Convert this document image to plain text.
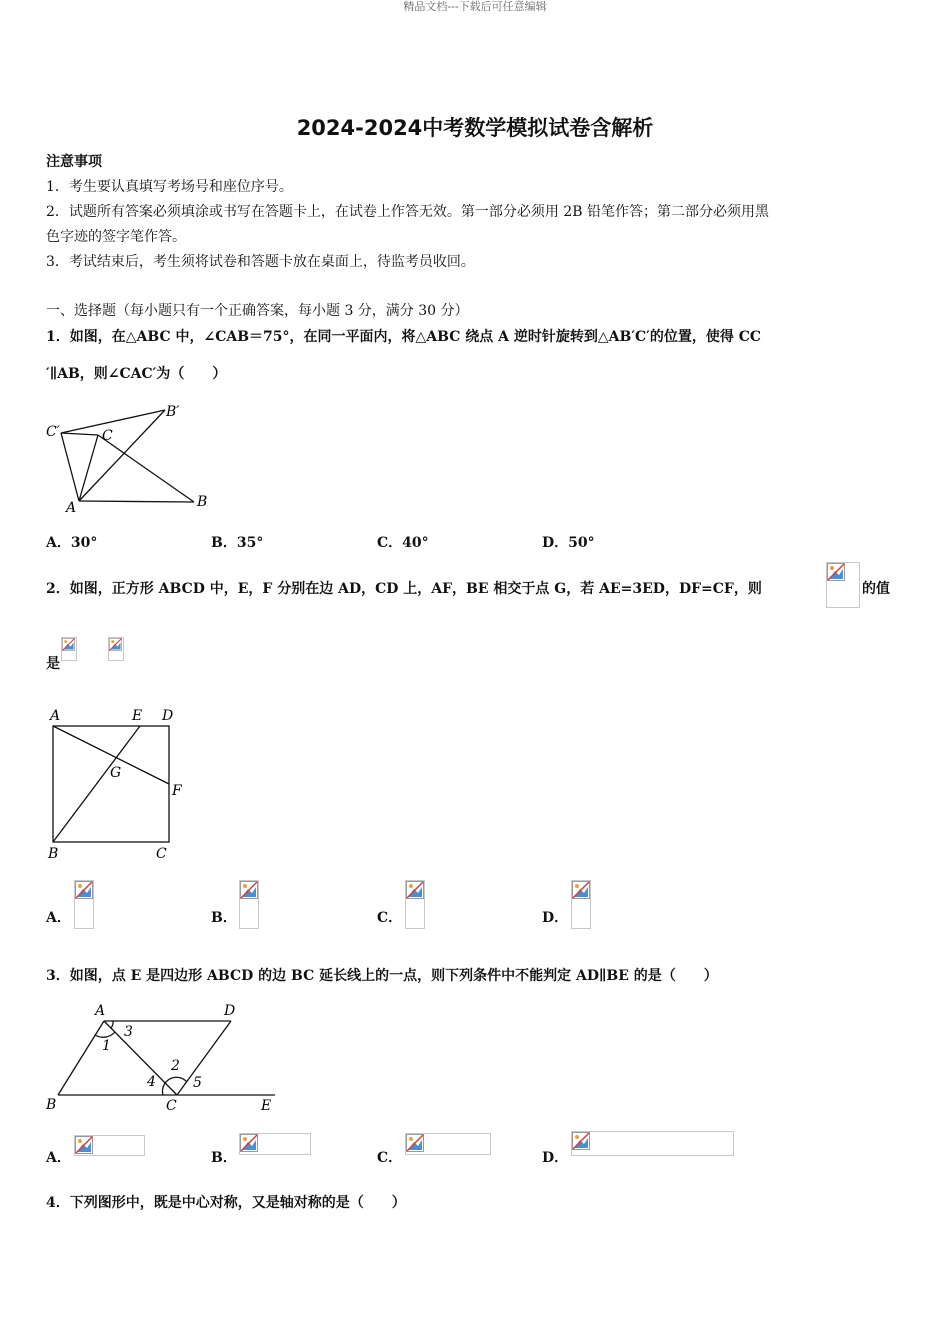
精品文档---下载后可任意编辑
2024-2024中考数学模拟试卷含解析
注意事项
1．考生要认真填写考场号和座位序号。
2．试题所有答案必须填涂或书写在答题卡上，在试卷上作答无效。第一部分必须用 2B 铅笔作答；第二部分必须用黑
色字迹的签字笔作答。
3．考试结束后，考生须将试卷和答题卡放在桌面上，待监考员收回。
一、选择题（每小题只有一个正确答案，每小题 3 分，满分 30 分）
1．如图，在△ABC 中，∠CAB＝75°，在同一平面内，将△ABC 绕点 A 逆时针旋转到△AB′C′的位置，使得 CC
′∥AB，则∠CAC′为（　　）
C′	C
B′
A	B
A．30°	B．35°	C．40°	D．50°
2．如图，正方形 ABCD 中，E，F 分别在边 AD，CD 上，AF，BE 相交于点 G，若 AE=3ED，DF=CF，则	的值
是
A	E D
G
F
B	C
A．	B．	C．	D．
3．如图，点 E 是四边形 ABCD 的边 BC 延长线上的一点，则下列条件中不能判定 AD∥BE 的是（　　）
A	D
1
3
2
4	5
B	C	E
A．	B．	C．	D．
4．下列图形中，既是中心对称，又是轴对称的是（　　）
